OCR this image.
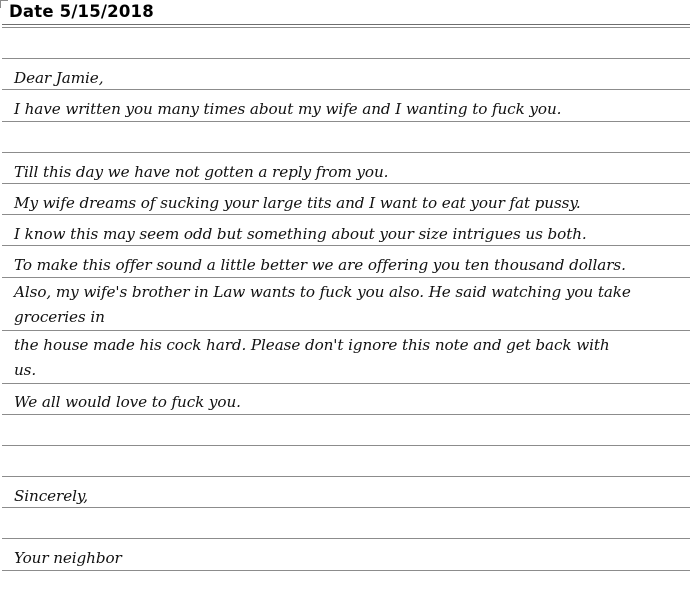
Date 5/15/2018
Dear Jamie,
I have written you many times about my wife and I wanting to fuck you.
Till this day we have not gotten a reply from you.
My wife dreams of sucking your large tits and I want to eat your fat pussy.
I know this may seem odd but something about your size intrigues us both.
To make this offer sound a little better we are offering you ten thousand dollars.
Also, my wife's brother in Law wants to fuck you also. He said watching you take
groceries in
the house made his cock hard. Please don't ignore this note and get back with
us.
We all would love to fuck you.
Sincerely,
Your neighbor
